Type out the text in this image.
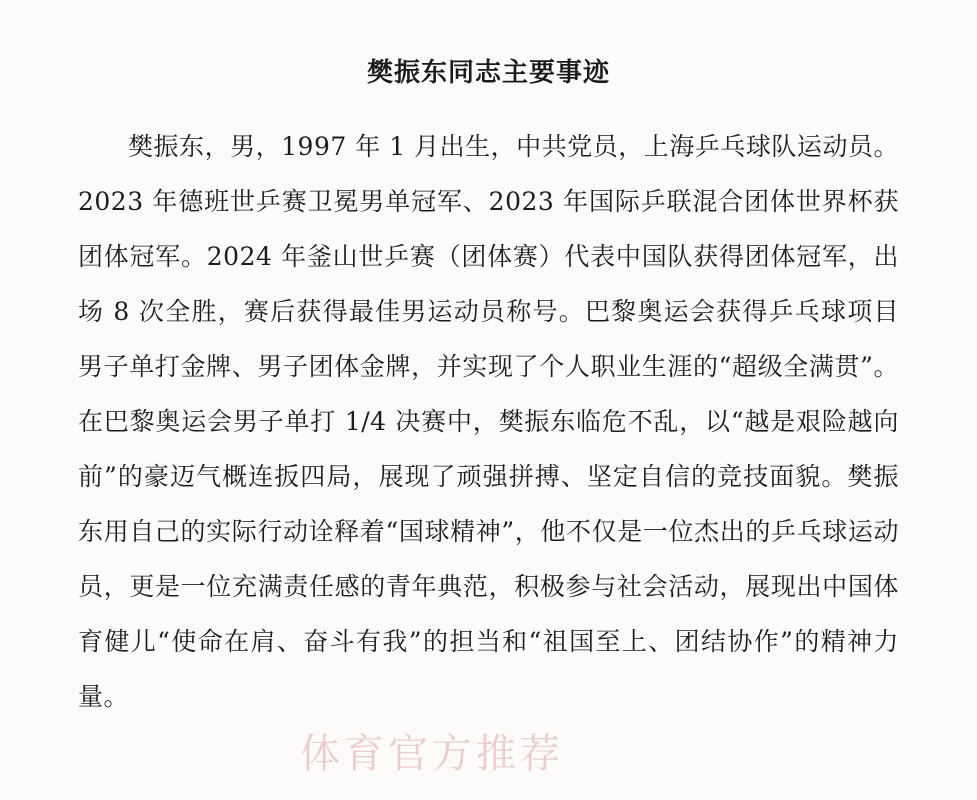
樊振东同志主要事迹

樊振东，男，1997 年 1 月出生，中共党员，上海乒乓球队运动员。2023 年德班世乒赛卫冕男单冠军、2023 年国际乒联混合团体世界杯获团体冠军。2024 年釜山世乒赛（团体赛）代表中国队获得团体冠军，出场 8 次全胜，赛后获得最佳男运动员称号。巴黎奥运会获得乒乓球项目男子单打金牌、男子团体金牌，并实现了个人职业生涯的“超级全满贯”。在巴黎奥运会男子单打 1/4 决赛中，樊振东临危不乱，以“越是艰险越向前”的豪迈气概连扳四局，展现了顽强拼搏、坚定自信的竞技面貌。樊振东用自己的实际行动诠释着“国球精神”，他不仅是一位杰出的乒乓球运动员，更是一位充满责任感的青年典范，积极参与社会活动，展现出中国体育健儿“使命在肩、奋斗有我”的担当和“祖国至上、团结协作”的精神力量。

体育官方推荐
